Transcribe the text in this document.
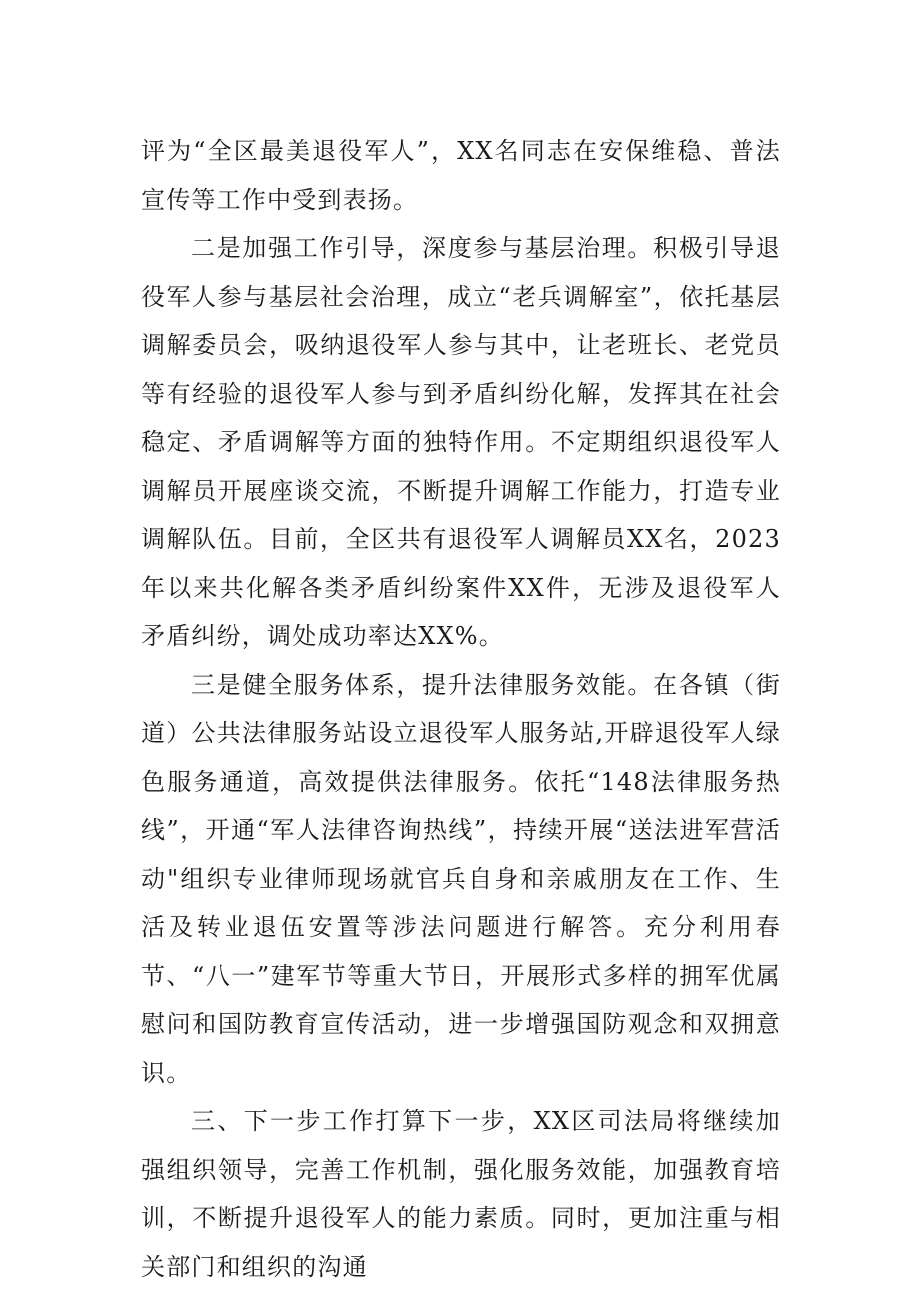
评为“全区最美退役军人”，XX名同志在安保维稳、普法宣传等工作中受到表扬。

二是加强工作引导，深度参与基层治理。积极引导退役军人参与基层社会治理，成立“老兵调解室”，依托基层调解委员会，吸纳退役军人参与其中，让老班长、老党员等有经验的退役军人参与到矛盾纠纷化解，发挥其在社会稳定、矛盾调解等方面的独特作用。不定期组织退役军人调解员开展座谈交流，不断提升调解工作能力，打造专业调解队伍。目前，全区共有退役军人调解员XX名，2023年以来共化解各类矛盾纠纷案件XX件，无涉及退役军人矛盾纠纷，调处成功率达XX%。

三是健全服务体系，提升法律服务效能。在各镇（街道）公共法律服务站设立退役军人服务站,开辟退役军人绿色服务通道，高效提供法律服务。依托“148法律服务热线”，开通“军人法律咨询热线”，持续开展“送法进军营活动"组织专业律师现场就官兵自身和亲戚朋友在工作、生活及转业退伍安置等涉法问题进行解答。充分利用春节、“八一”建军节等重大节日，开展形式多样的拥军优属慰问和国防教育宣传活动，进一步增强国防观念和双拥意识。

三、下一步工作打算下一步，XX区司法局将继续加强组织领导，完善工作机制，强化服务效能，加强教育培训，不断提升退役军人的能力素质。同时，更加注重与相关部门和组织的沟通
